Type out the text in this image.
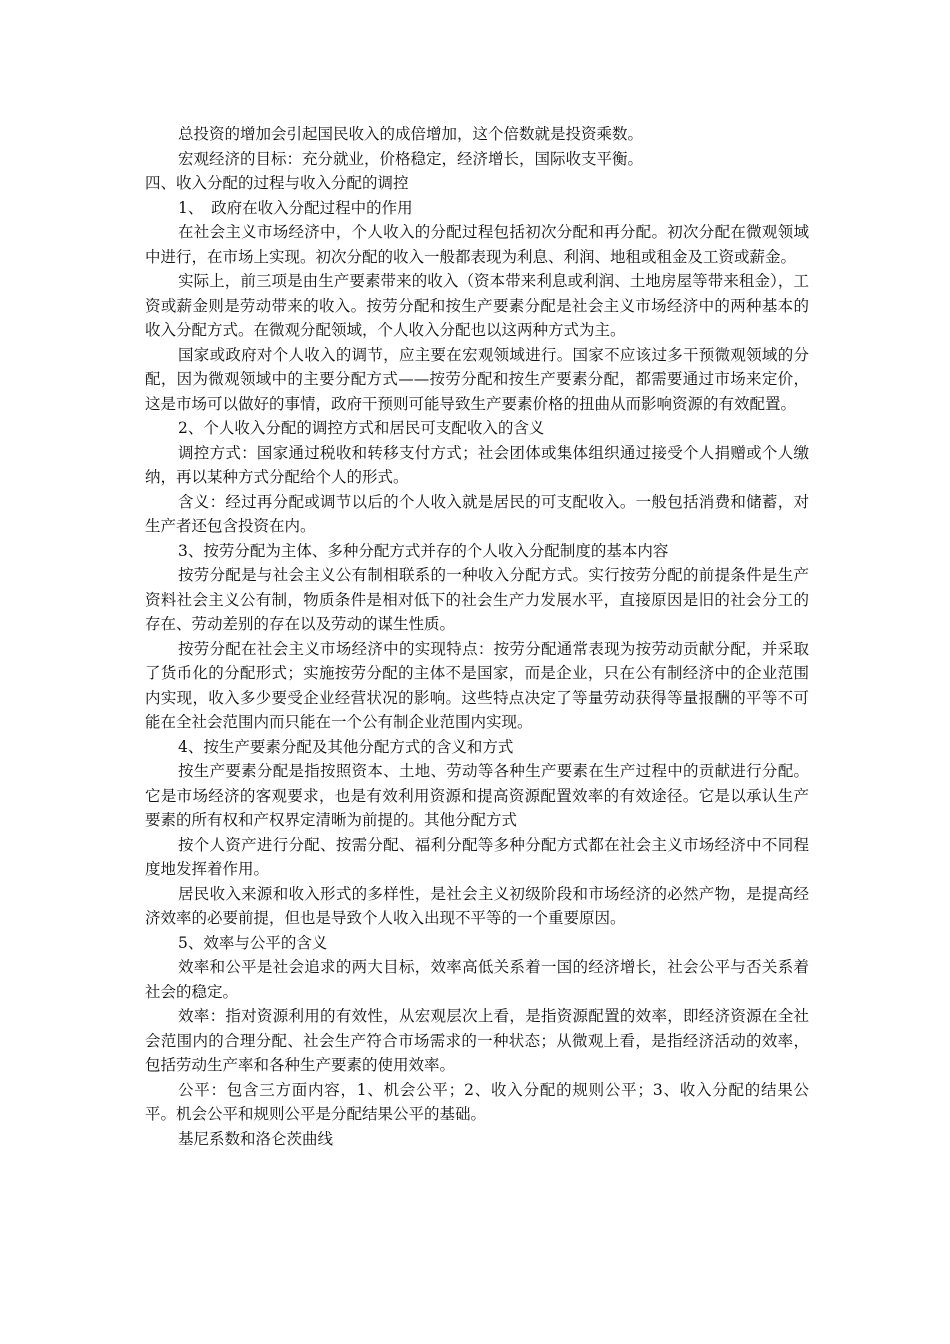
总投资的增加会引起国民收入的成倍增加，这个倍数就是投资乘数。

宏观经济的目标：充分就业，价格稳定，经济增长，国际收支平衡。

四、收入分配的过程与收入分配的调控

1、　政府在收入分配过程中的作用

在社会主义市场经济中，个人收入的分配过程包括初次分配和再分配。初次分配在微观领域中进行，在市场上实现。初次分配的收入一般都表现为利息、利润、地租或租金及工资或薪金。

实际上，前三项是由生产要素带来的收入（资本带来利息或利润、土地房屋等带来租金），工资或薪金则是劳动带来的收入。按劳分配和按生产要素分配是社会主义市场经济中的两种基本的收入分配方式。在微观分配领域，个人收入分配也以这两种方式为主。

国家或政府对个人收入的调节，应主要在宏观领域进行。国家不应该过多干预微观领域的分配，因为微观领域中的主要分配方式——按劳分配和按生产要素分配，都需要通过市场来定价，这是市场可以做好的事情，政府干预则可能导致生产要素价格的扭曲从而影响资源的有效配置。

2、个人收入分配的调控方式和居民可支配收入的含义

调控方式：国家通过税收和转移支付方式；社会团体或集体组织通过接受个人捐赠或个人缴纳，再以某种方式分配给个人的形式。

含义：经过再分配或调节以后的个人收入就是居民的可支配收入。一般包括消费和储蓄，对生产者还包含投资在内。

3、按劳分配为主体、多种分配方式并存的个人收入分配制度的基本内容

按劳分配是与社会主义公有制相联系的一种收入分配方式。实行按劳分配的前提条件是生产资料社会主义公有制，物质条件是相对低下的社会生产力发展水平，直接原因是旧的社会分工的存在、劳动差别的存在以及劳动的谋生性质。

按劳分配在社会主义市场经济中的实现特点：按劳分配通常表现为按劳动贡献分配，并采取了货币化的分配形式；实施按劳分配的主体不是国家，而是企业，只在公有制经济中的企业范围内实现，收入多少要受企业经营状况的影响。这些特点决定了等量劳动获得等量报酬的平等不可能在全社会范围内而只能在一个公有制企业范围内实现。

4、按生产要素分配及其他分配方式的含义和方式

按生产要素分配是指按照资本、土地、劳动等各种生产要素在生产过程中的贡献进行分配。它是市场经济的客观要求，也是有效利用资源和提高资源配置效率的有效途径。它是以承认生产要素的所有权和产权界定清晰为前提的。其他分配方式

按个人资产进行分配、按需分配、福利分配等多种分配方式都在社会主义市场经济中不同程度地发挥着作用。

居民收入来源和收入形式的多样性，是社会主义初级阶段和市场经济的必然产物，是提高经济效率的必要前提，但也是导致个人收入出现不平等的一个重要原因。

5、效率与公平的含义

效率和公平是社会追求的两大目标，效率高低关系着一国的经济增长，社会公平与否关系着社会的稳定。

效率：指对资源利用的有效性，从宏观层次上看，是指资源配置的效率，即经济资源在全社会范围内的合理分配、社会生产符合市场需求的一种状态；从微观上看，是指经济活动的效率，包括劳动生产率和各种生产要素的使用效率。

公平：包含三方面内容，1、机会公平；2、收入分配的规则公平；3、收入分配的结果公平。机会公平和规则公平是分配结果公平的基础。

基尼系数和洛仑茨曲线
